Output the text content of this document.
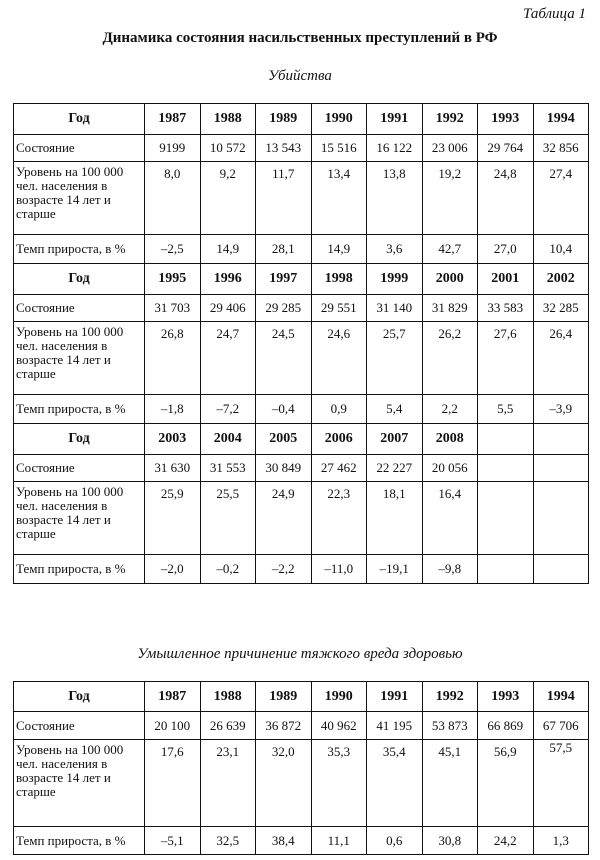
Таблица 1
Динамика состояния насильственных преступлений в РФ
Убийства
Умышленное причинение тяжкого вреда здоровью
Год	1987	1988	1989	1990	1991	1992	1993	1994
Состояние	9199	10 572	13 543	15 516	16 122	23 006	29 764	32 856
Уровень на 100 000 чел. населения в возрасте 14 лет и старше	8,0	9,2	11,7	13,4	13,8	19,2	24,8	27,4
Темп прироста, в %	–2,5	14,9	28,1	14,9	3,6	42,7	27,0	10,4
Год	1995	1996	1997	1998	1999	2000	2001	2002
Состояние	31 703	29 406	29 285	29 551	31 140	31 829	33 583	32 285
Уровень на 100 000 чел. населения в возрасте 14 лет и старше	26,8	24,7	24,5	24,6	25,7	26,2	27,6	26,4
Темп прироста, в %	–1,8	–7,2	–0,4	0,9	5,4	2,2	5,5	–3,9
Год	2003	2004	2005	2006	2007	2008		
Состояние	31 630	31 553	30 849	27 462	22 227	20 056		
Уровень на 100 000 чел. населения в возрасте 14 лет и старше	25,9	25,5	24,9	22,3	18,1	16,4		
Темп прироста, в %	–2,0	–0,2	–2,2	–11,0	–19,1	–9,8		
Год	1987	1988	1989	1990	1991	1992	1993	1994
Состояние	20 100	26 639	36 872	40 962	41 195	53 873	66 869	67 706
Уровень на 100 000 чел. населения в возрасте 14 лет и старше	17,6	23,1	32,0	35,3	35,4	45,1	56,9	57,5
Темп прироста, в %	–5,1	32,5	38,4	11,1	0,6	30,8	24,2	1,3
